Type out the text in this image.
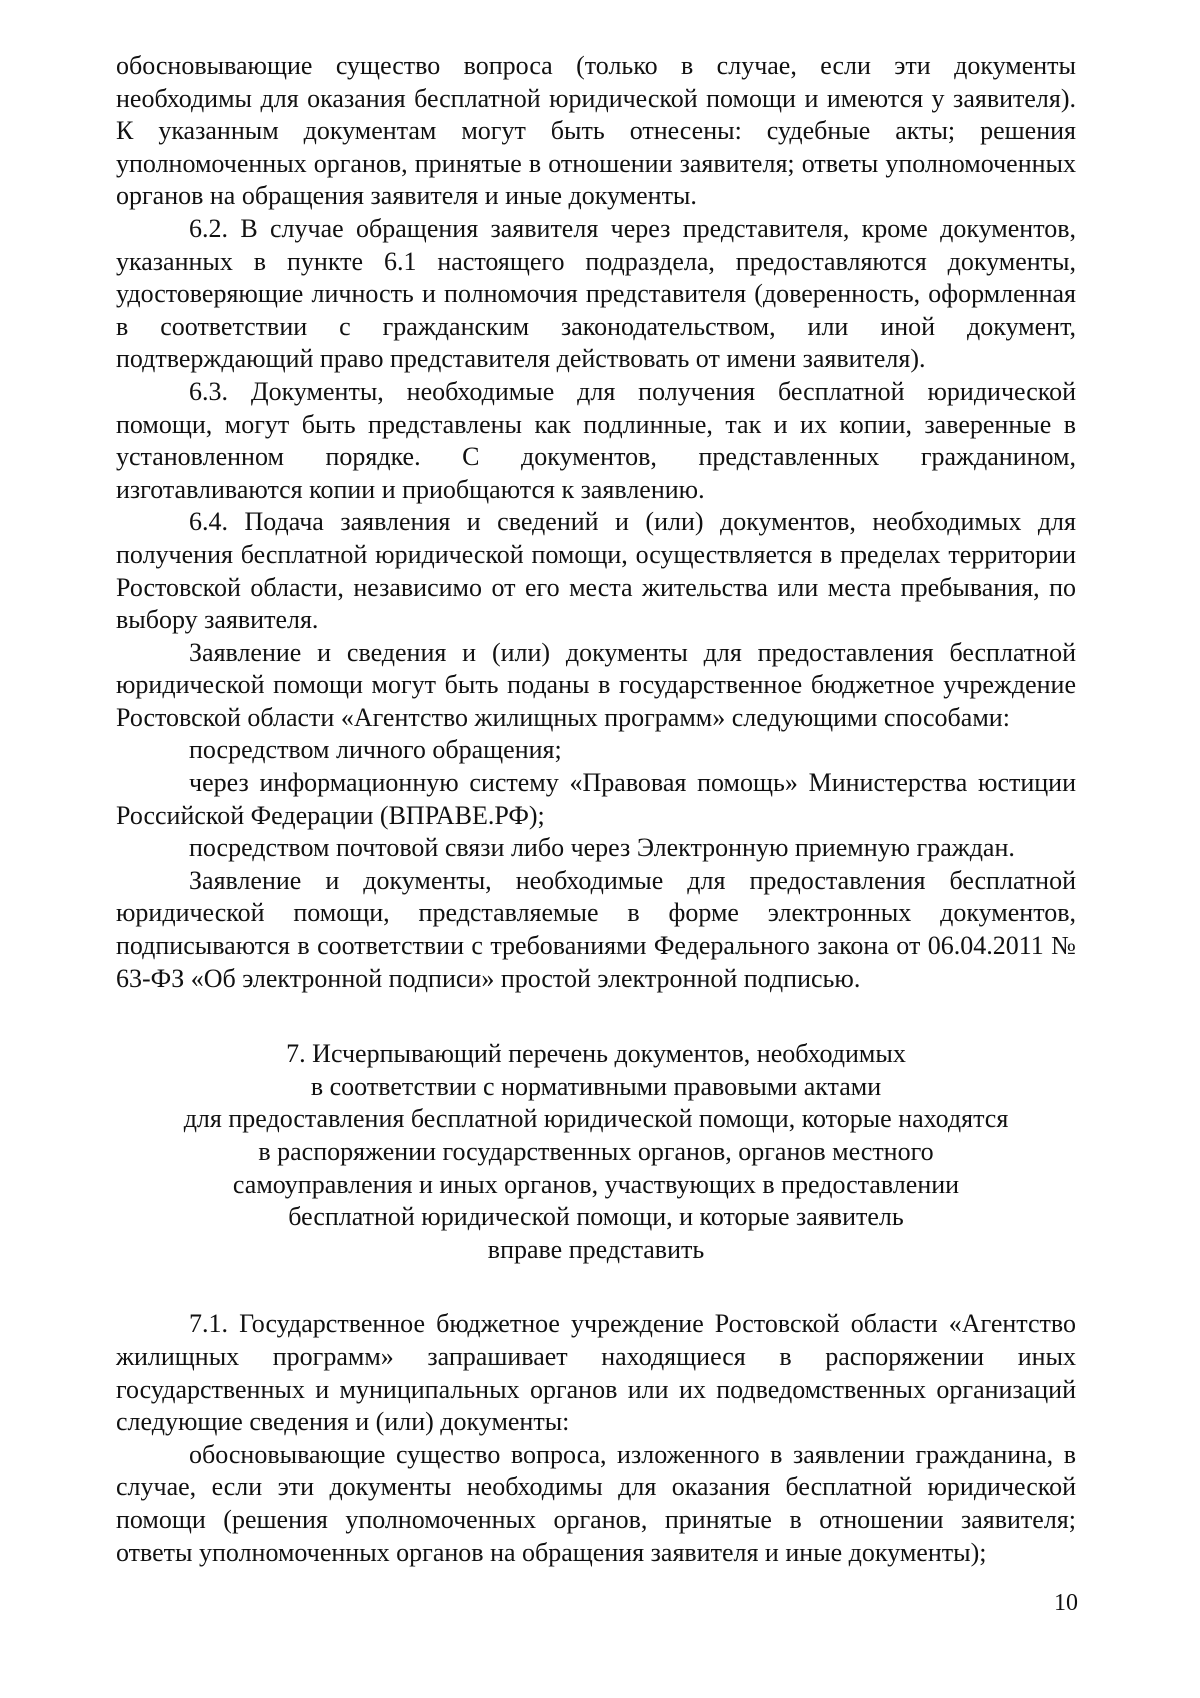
обосновывающие существо вопроса (только в случае, если эти документы необходимы для оказания бесплатной юридической помощи и имеются у заявителя). К указанным документам могут быть отнесены: судебные акты; решения уполномоченных органов, принятые в отношении заявителя; ответы уполномоченных органов на обращения заявителя и иные документы.

6.2. В случае обращения заявителя через представителя, кроме документов, указанных в пункте 6.1 настоящего подраздела, предоставляются документы, удостоверяющие личность и полномочия представителя (доверенность, оформленная в соответствии с гражданским законодательством, или иной документ, подтверждающий право представителя действовать от имени заявителя).

6.3. Документы, необходимые для получения бесплатной юридической помощи, могут быть представлены как подлинные, так и их копии, заверенные в установленном порядке. С документов, представленных гражданином, изготавливаются копии и приобщаются к заявлению.

6.4. Подача заявления и сведений и (или) документов, необходимых для получения бесплатной юридической помощи, осуществляется в пределах территории Ростовской области, независимо от его места жительства или места пребывания, по выбору заявителя.

Заявление и сведения и (или) документы для предоставления бесплатной юридической помощи могут быть поданы в государственное бюджетное учреждение Ростовской области «Агентство жилищных программ» следующими способами:

посредством личного обращения;

через информационную систему «Правовая помощь» Министерства юстиции Российской Федерации (ВПРАВЕ.РФ);

посредством почтовой связи либо через Электронную приемную граждан.

Заявление и документы, необходимые для предоставления бесплатной юридической помощи, представляемые в форме электронных документов, подписываются в соответствии с требованиями Федерального закона от 06.04.2011 № 63-ФЗ «Об электронной подписи» простой электронной подписью.

7. Исчерпывающий перечень документов, необходимых
в соответствии с нормативными правовыми актами
для предоставления бесплатной юридической помощи, которые находятся
в распоряжении государственных органов, органов местного
самоуправления и иных органов, участвующих в предоставлении
бесплатной юридической помощи, и которые заявитель
вправе представить

7.1. Государственное бюджетное учреждение Ростовской области «Агентство жилищных программ» запрашивает находящиеся в распоряжении иных государственных и муниципальных органов или их подведомственных организаций следующие сведения и (или) документы:

обосновывающие существо вопроса, изложенного в заявлении гражданина, в случае, если эти документы необходимы для оказания бесплатной юридической помощи (решения уполномоченных органов, принятые в отношении заявителя; ответы уполномоченных органов на обращения заявителя и иные документы);

10
